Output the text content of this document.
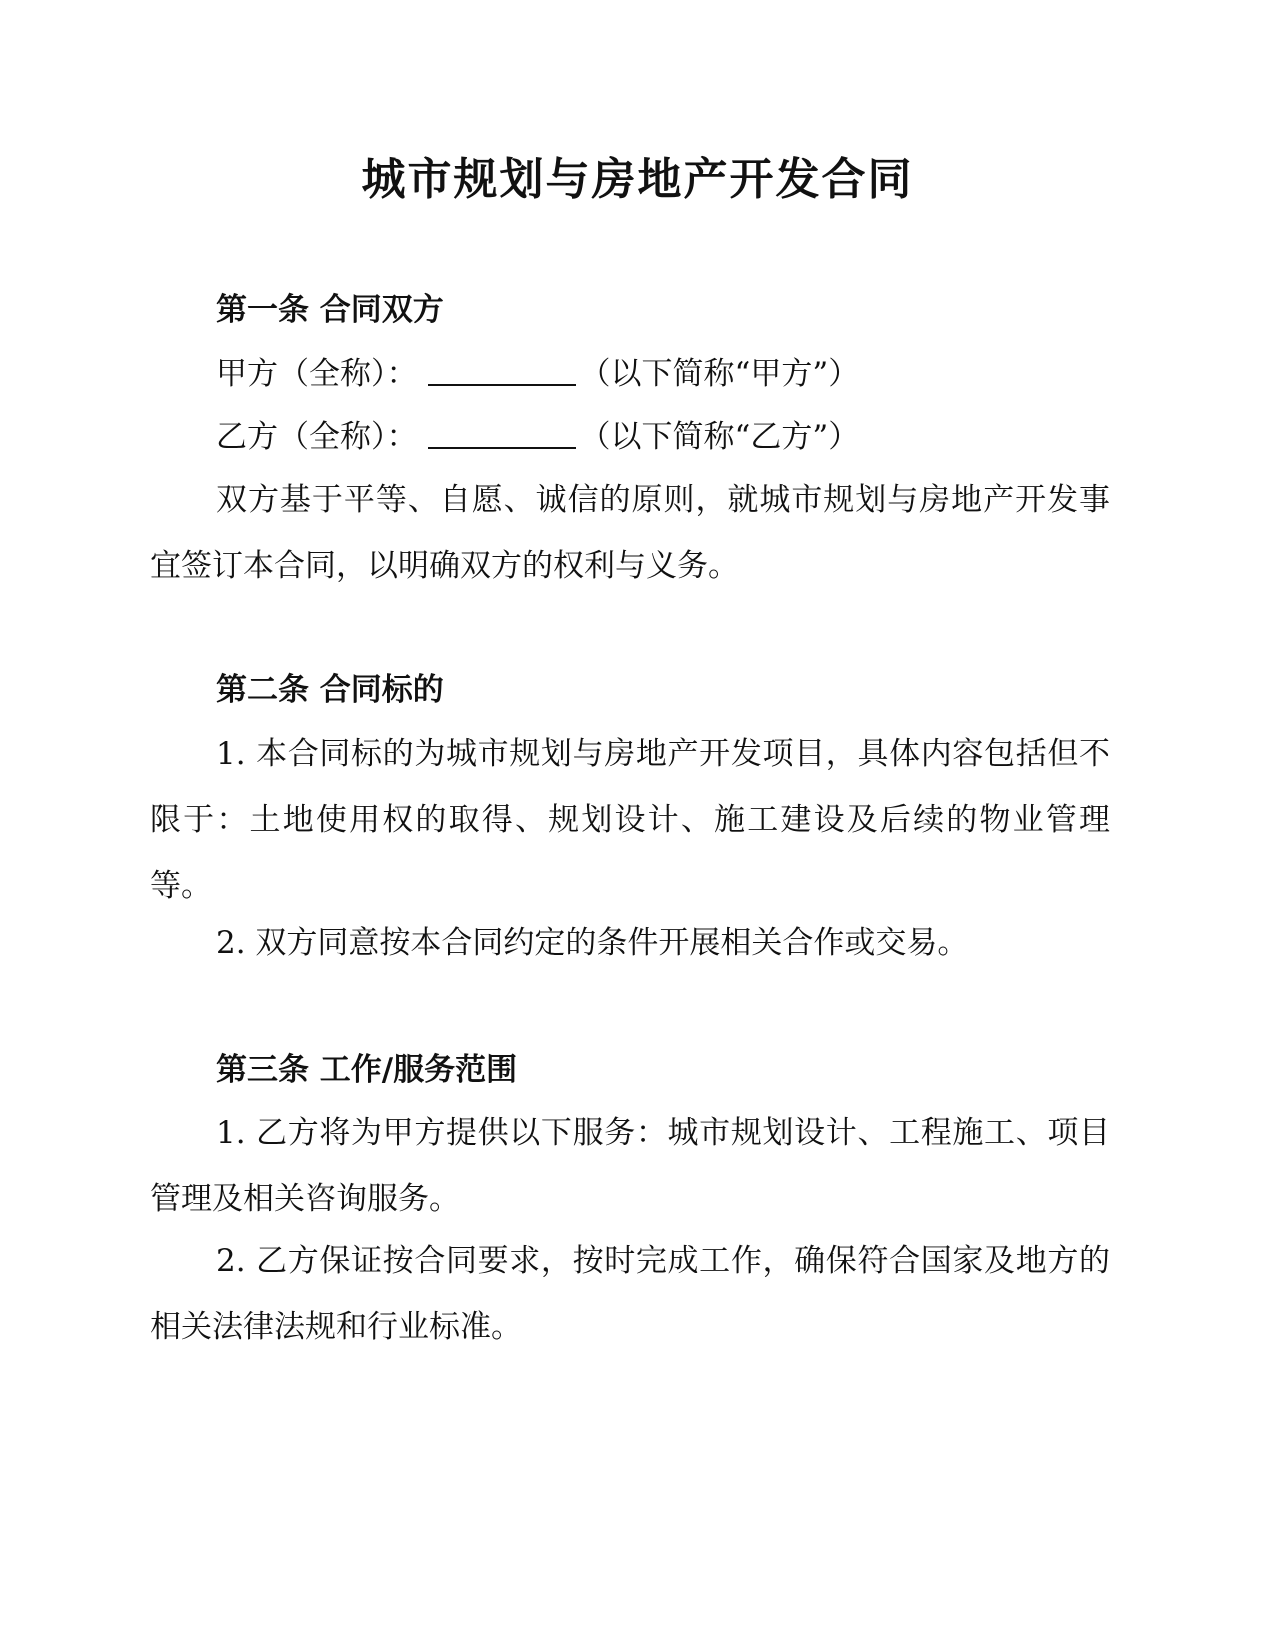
城市规划与房地产开发合同
第一条 合同双方

甲方（全称）：	（以下简称“甲方”）

乙方（全称）：	（以下简称“乙方”）

双方基于平等、自愿、诚信的原则，就城市规划与房地产开发事宜签订本合同，以明确双方的权利与义务。

第二条 合同标的

1. 本合同标的为城市规划与房地产开发项目，具体内容包括但不限于：土地使用权的取得、规划设计、施工建设及后续的物业管理等。

2. 双方同意按本合同约定的条件开展相关合作或交易。

第三条 工作/服务范围

1. 乙方将为甲方提供以下服务：城市规划设计、工程施工、项目管理及相关咨询服务。

2. 乙方保证按合同要求，按时完成工作，确保符合国家及地方的相关法律法规和行业标准。
